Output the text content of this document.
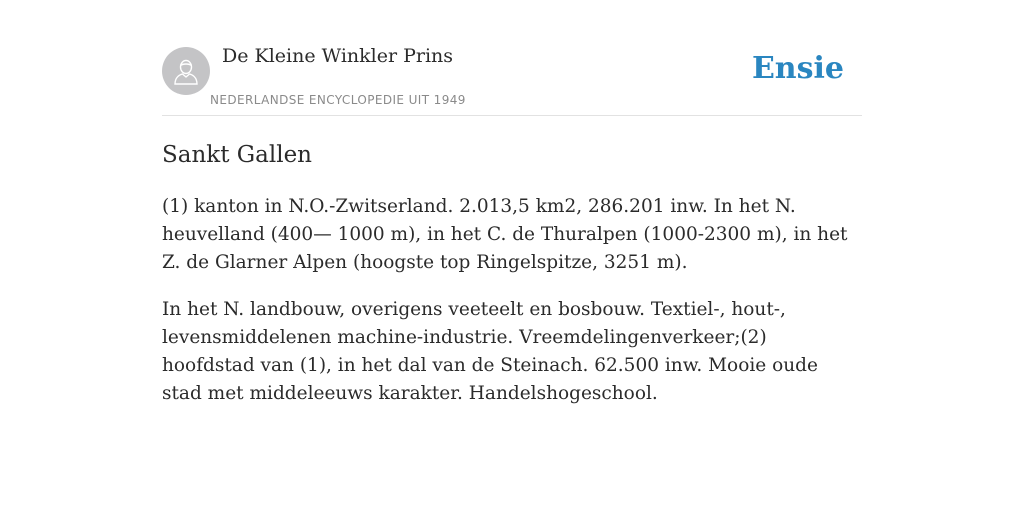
De Kleine Winkler Prins
NEDERLANDSE ENCYCLOPEDIE UIT 1949
Ensie
Sankt Gallen

(1) kanton in N.O.-Zwitserland. 2.013,5 km2, 286.201 inw. In het N. heuvelland (400— 1000 m), in het C. de Thuralpen (1000-2300 m), in het Z. de Glarner Alpen (hoogste top Ringelspitze, 3251 m).

In het N. landbouw, overigens veeteelt en bosbouw. Textiel-, hout-, levensmiddelenen machine-industrie. Vreemdelingenverkeer;(2) hoofdstad van (1), in het dal van de Steinach. 62.500 inw. Mooie oude stad met middeleeuws karakter. Handelshogeschool.
